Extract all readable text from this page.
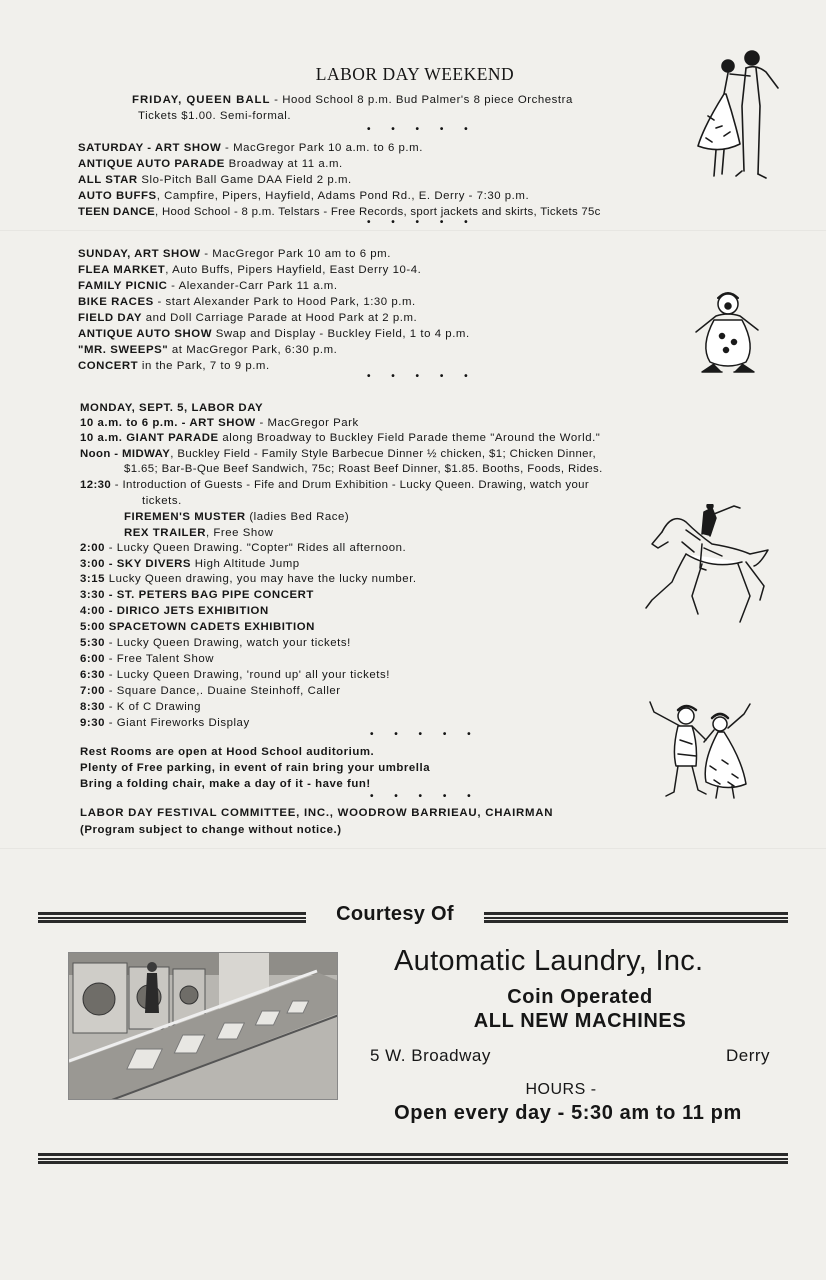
LABOR DAY WEEKEND
FRIDAY, QUEEN BALL - Hood School 8 p.m. Bud Palmer's 8 piece Orchestra
Tickets $1.00. Semi-formal.
• • • • •
SATURDAY - ART SHOW - MacGregor Park 10 a.m. to 6 p.m.
ANTIQUE AUTO PARADE Broadway at 11 a.m.
ALL STAR Slo-Pitch Ball Game DAA Field 2 p.m.
AUTO BUFFS, Campfire, Pipers, Hayfield, Adams Pond Rd., E. Derry - 7:30 p.m.
TEEN DANCE, Hood School - 8 p.m. Telstars - Free Records, sport jackets and skirts, Tickets 75c
• • • • •
SUNDAY, ART SHOW - MacGregor Park 10 am to 6 pm.
FLEA MARKET, Auto Buffs, Pipers Hayfield, East Derry 10-4.
FAMILY PICNIC - Alexander-Carr Park 11 a.m.
BIKE RACES - start Alexander Park to Hood Park, 1:30 p.m.
FIELD DAY and Doll Carriage Parade at Hood Park at 2 p.m.
ANTIQUE AUTO SHOW Swap and Display - Buckley Field, 1 to 4 p.m.
"MR. SWEEPS" at MacGregor Park, 6:30 p.m.
CONCERT in the Park, 7 to 9 p.m.
• • • • •
MONDAY, SEPT. 5, LABOR DAY
10 a.m. to 6 p.m. - ART SHOW - MacGregor Park
10 a.m. GIANT PARADE along Broadway to Buckley Field Parade theme "Around the World."
Noon - MIDWAY, Buckley Field - Family Style Barbecue Dinner ½ chicken, $1; Chicken Dinner,
$1.65; Bar-B-Que Beef Sandwich, 75c; Roast Beef Dinner, $1.85. Booths, Foods, Rides.
12:30 - Introduction of Guests - Fife and Drum Exhibition - Lucky Queen. Drawing, watch your
tickets.
FIREMEN'S MUSTER (ladies Bed Race)
REX TRAILER, Free Show
2:00 - Lucky Queen Drawing. "Copter" Rides all afternoon.
3:00 - SKY DIVERS High Altitude Jump
3:15 Lucky Queen drawing, you may have the lucky number.
3:30 - ST. PETERS BAG PIPE CONCERT
4:00 - DIRICO JETS EXHIBITION
5:00 SPACETOWN CADETS EXHIBITION
5:30 - Lucky Queen Drawing, watch your tickets!
6:00 - Free Talent Show
6:30 - Lucky Queen Drawing, 'round up' all your tickets!
7:00 - Square Dance,. Duaine Steinhoff, Caller
8:30 - K of C Drawing
9:30 - Giant Fireworks Display
• • • • •
Rest Rooms are open at Hood School auditorium.
Plenty of Free parking, in event of rain bring your umbrella
Bring a folding chair, make a day of it - have fun!
• • • • •
LABOR DAY FESTIVAL COMMITTEE, INC., WOODROW BARRIEAU, CHAIRMAN
(Program subject to change without notice.)
Courtesy Of
Automatic Laundry, Inc.
Coin Operated
ALL NEW MACHINES
5 W. Broadway	Derry
HOURS -
Open every day - 5:30 am to 11 pm
